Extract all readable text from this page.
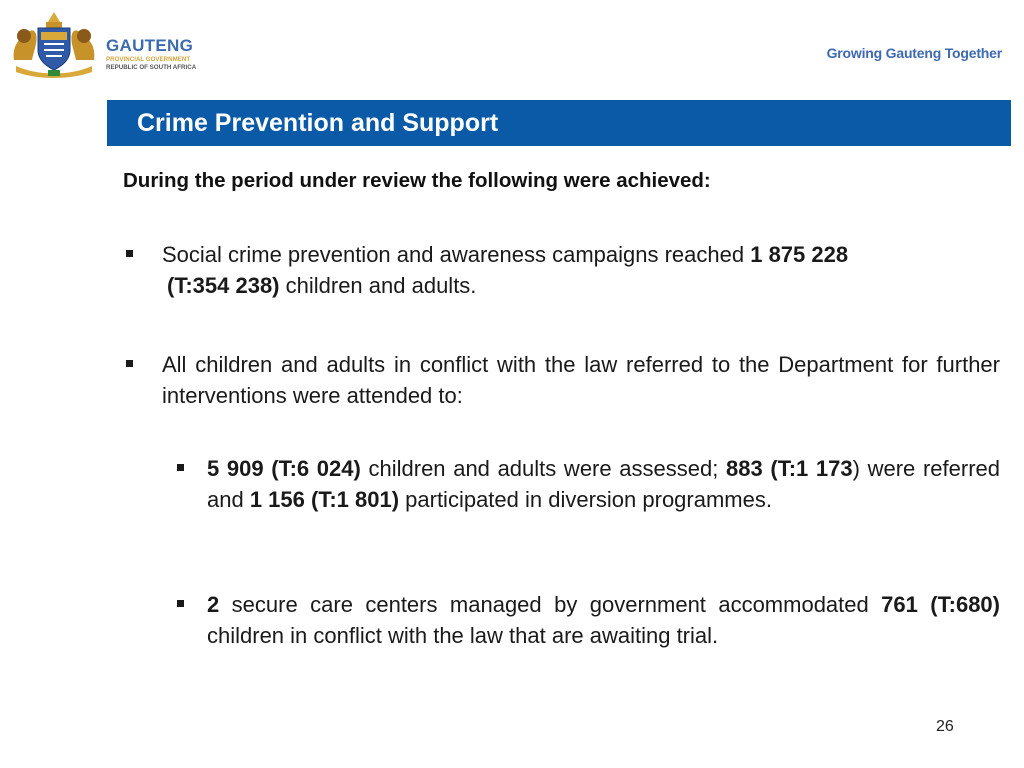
GAUTENG
PROVINCIAL GOVERNMENT
REPUBLIC OF SOUTH AFRICA
Growing Gauteng Together
Crime Prevention and Support
During the period under review the following were achieved:
Social crime prevention and awareness campaigns reached 1 875 228
(T:354 238) children and adults.
All children and adults in conflict with the law referred to the Department for further interventions were attended to:
5 909 (T:6 024) children and adults were assessed; 883 (T:1 173) were referred and 1 156 (T:1 801) participated in diversion programmes.
2 secure care centers managed by government accommodated 761 (T:680) children in conflict with the law that are awaiting trial.
26
